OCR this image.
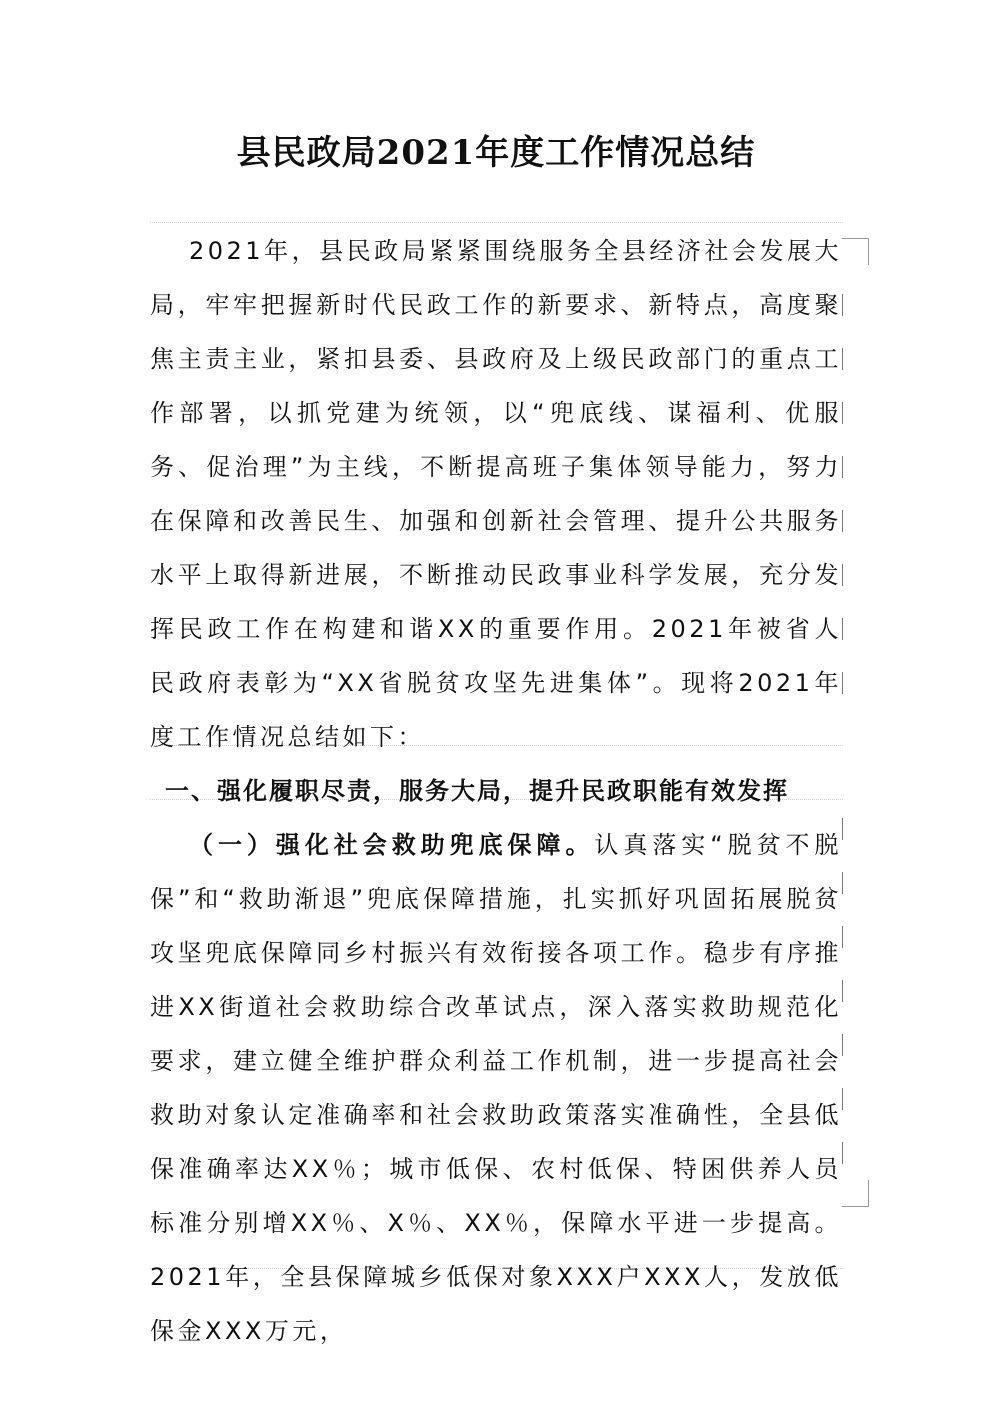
县民政局2021年度工作情况总结

2021年，县民政局紧紧围绕服务全县经济社会发展大局，牢牢把握新时代民政工作的新要求、新特点，高度聚焦主责主业，紧扣县委、县政府及上级民政部门的重点工作部署，以抓党建为统领，以“兜底线、谋福利、优服务、促治理”为主线，不断提高班子集体领导能力，努力在保障和改善民生、加强和创新社会管理、提升公共服务水平上取得新进展，不断推动民政事业科学发展，充分发挥民政工作在构建和谐XX的重要作用。2021年被省人民政府表彰为“XX省脱贫攻坚先进集体”。现将2021年度工作情况总结如下：

一、强化履职尽责，服务大局，提升民政职能有效发挥

（一）强化社会救助兜底保障。认真落实“脱贫不脱保”和“救助渐退”兜底保障措施，扎实抓好巩固拓展脱贫攻坚兜底保障同乡村振兴有效衔接各项工作。稳步有序推进XX街道社会救助综合改革试点，深入落实救助规范化要求，建立健全维护群众利益工作机制，进一步提高社会救助对象认定准确率和社会救助政策落实准确性，全县低保准确率达XX％；城市低保、农村低保、特困供养人员标准分别增XX％、X％、XX％，保障水平进一步提高。2021年，全县保障城乡低保对象XXX户XXX人，发放低保金XXX万元，
